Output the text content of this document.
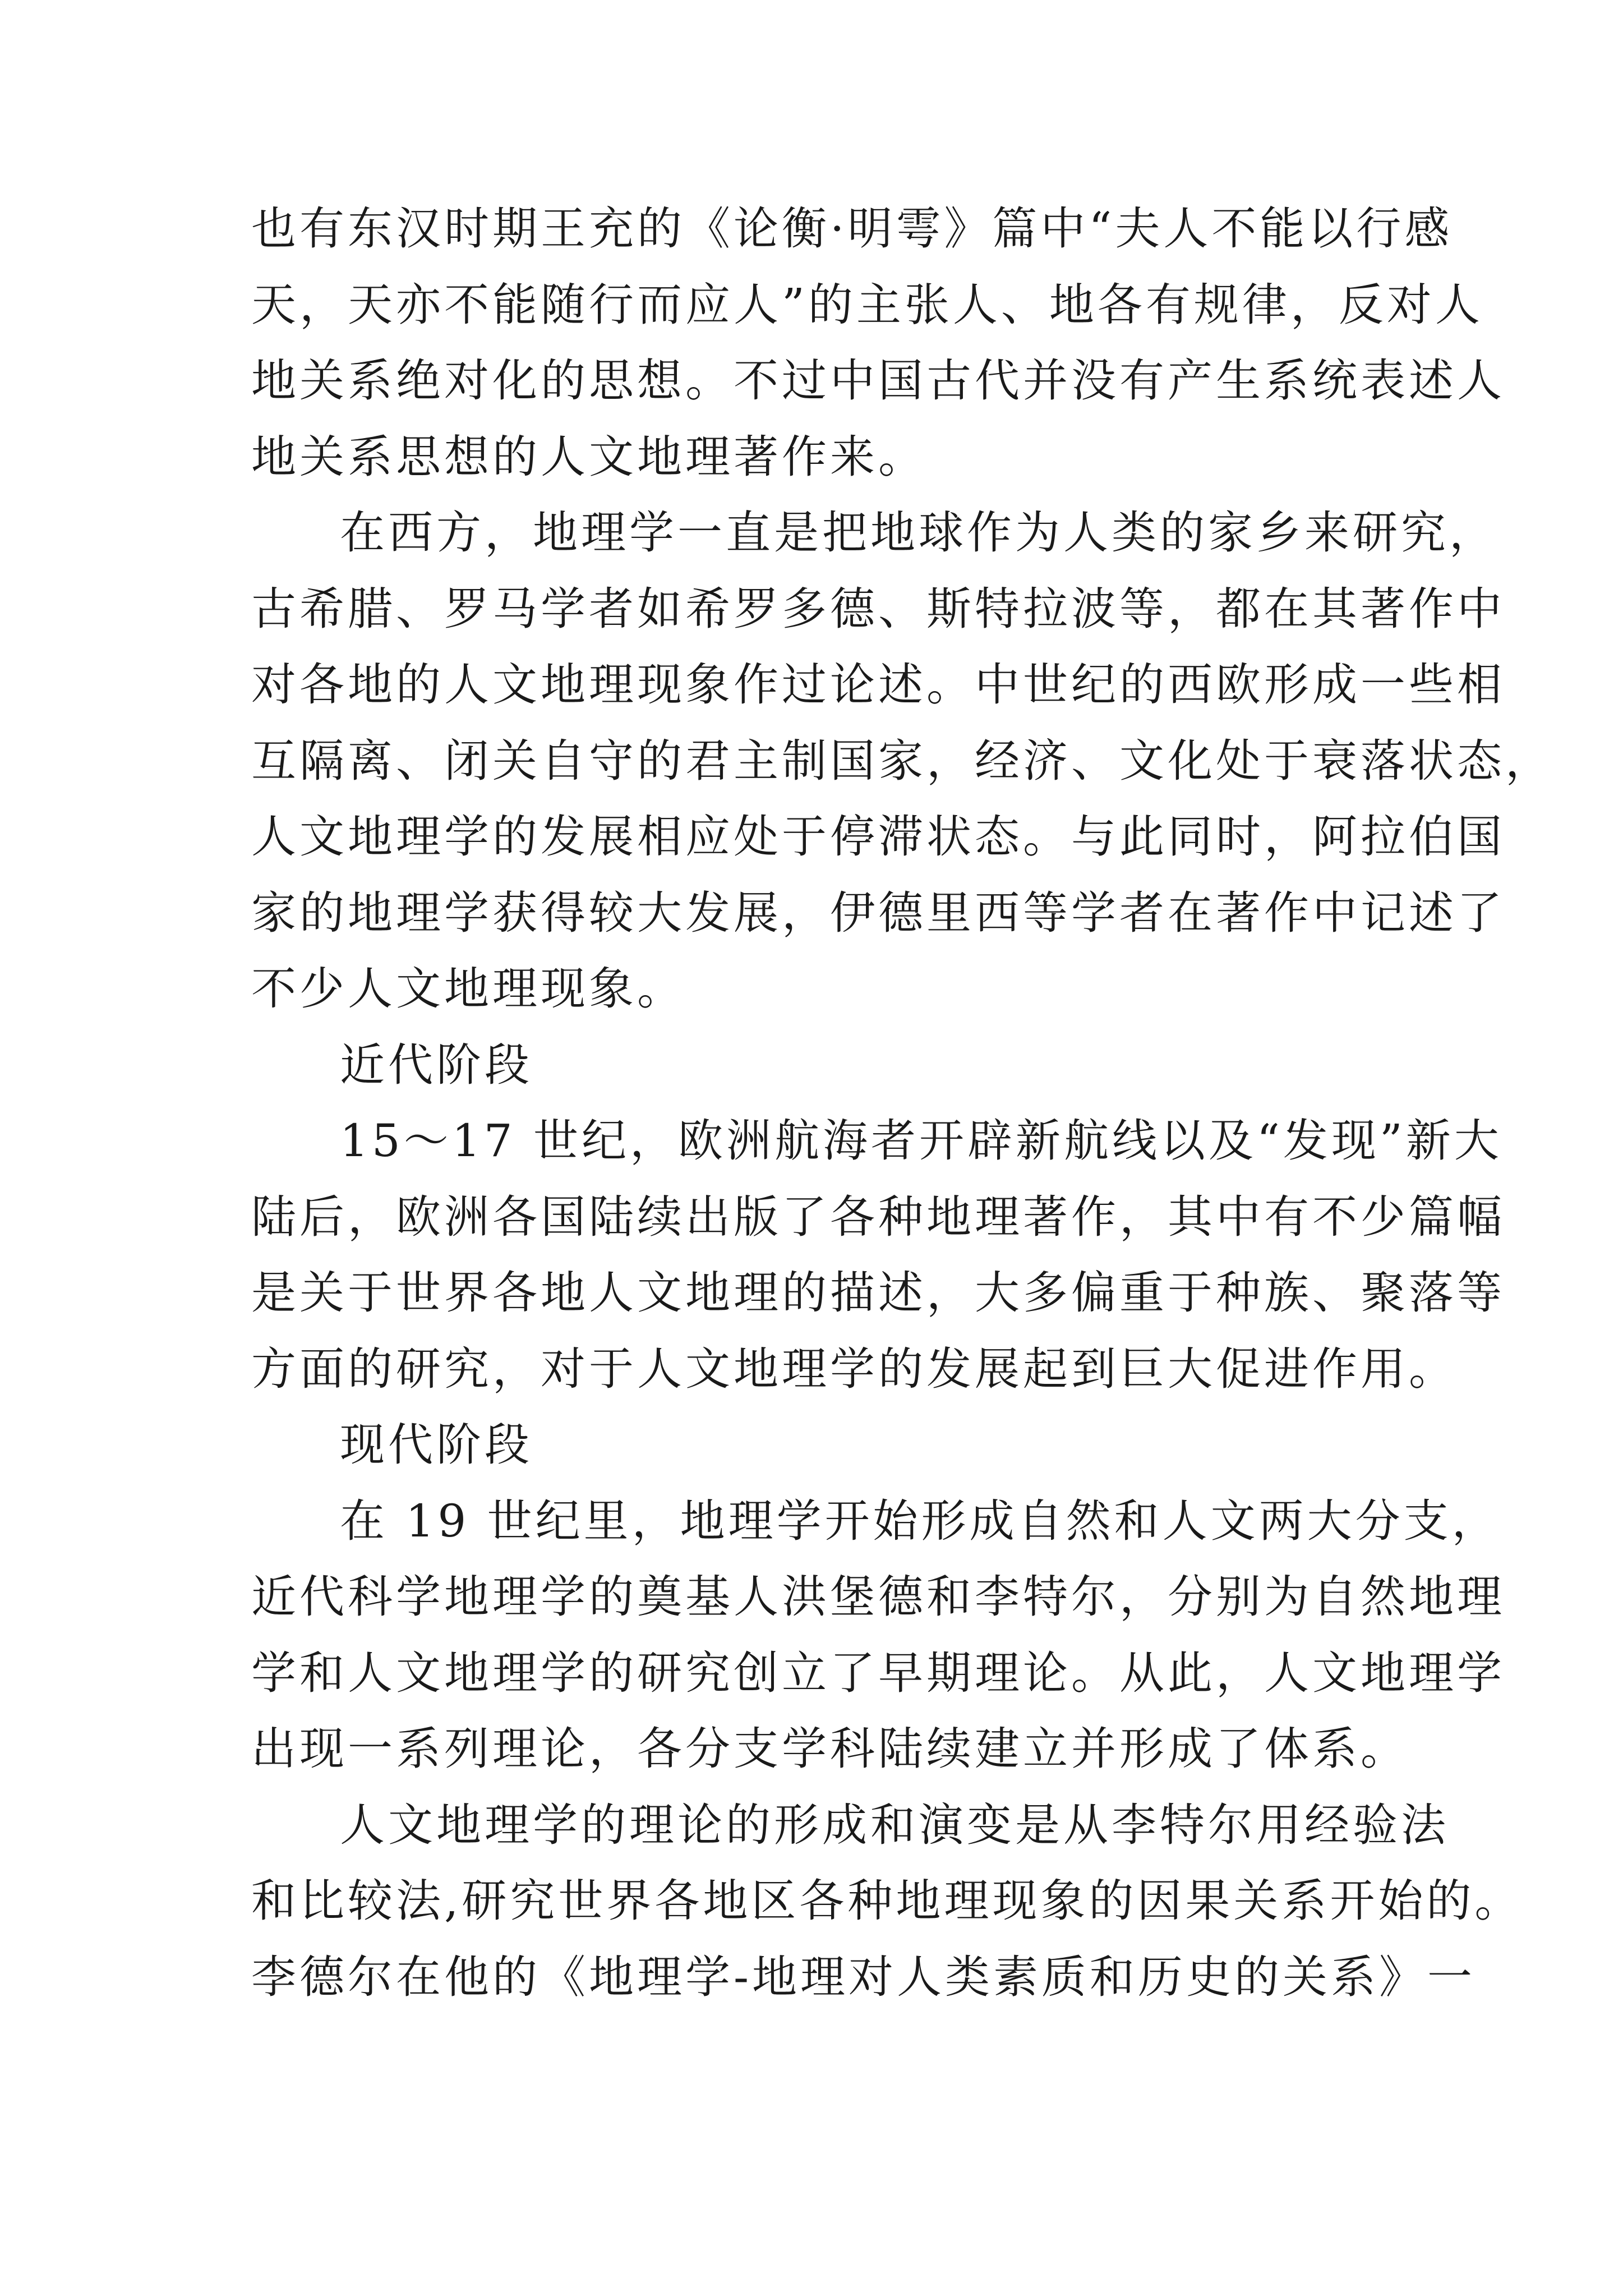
也有东汉时期王充的《论衡·明雩》篇中“夫人不能以行感
天，天亦不能随行而应人”的主张人、地各有规律，反对人
地关系绝对化的思想。不过中国古代并没有产生系统表述人
地关系思想的人文地理著作来。
在西方，地理学一直是把地球作为人类的家乡来研究，
古希腊、罗马学者如希罗多德、斯特拉波等，都在其著作中
对各地的人文地理现象作过论述。中世纪的西欧形成一些相
互隔离、闭关自守的君主制国家，经济、文化处于衰落状态，
人文地理学的发展相应处于停滞状态。与此同时，阿拉伯国
家的地理学获得较大发展，伊德里西等学者在著作中记述了
不少人文地理现象。
近代阶段
15～17 世纪，欧洲航海者开辟新航线以及“发现”新大
陆后，欧洲各国陆续出版了各种地理著作，其中有不少篇幅
是关于世界各地人文地理的描述，大多偏重于种族、聚落等
方面的研究，对于人文地理学的发展起到巨大促进作用。
现代阶段
在 19 世纪里，地理学开始形成自然和人文两大分支，
近代科学地理学的奠基人洪堡德和李特尔，分别为自然地理
学和人文地理学的研究创立了早期理论。从此，人文地理学
出现一系列理论，各分支学科陆续建立并形成了体系。
人文地理学的理论的形成和演变是从李特尔用经验法
和比较法,研究世界各地区各种地理现象的因果关系开始的。
李德尔在他的《地理学-地理对人类素质和历史的关系》一
